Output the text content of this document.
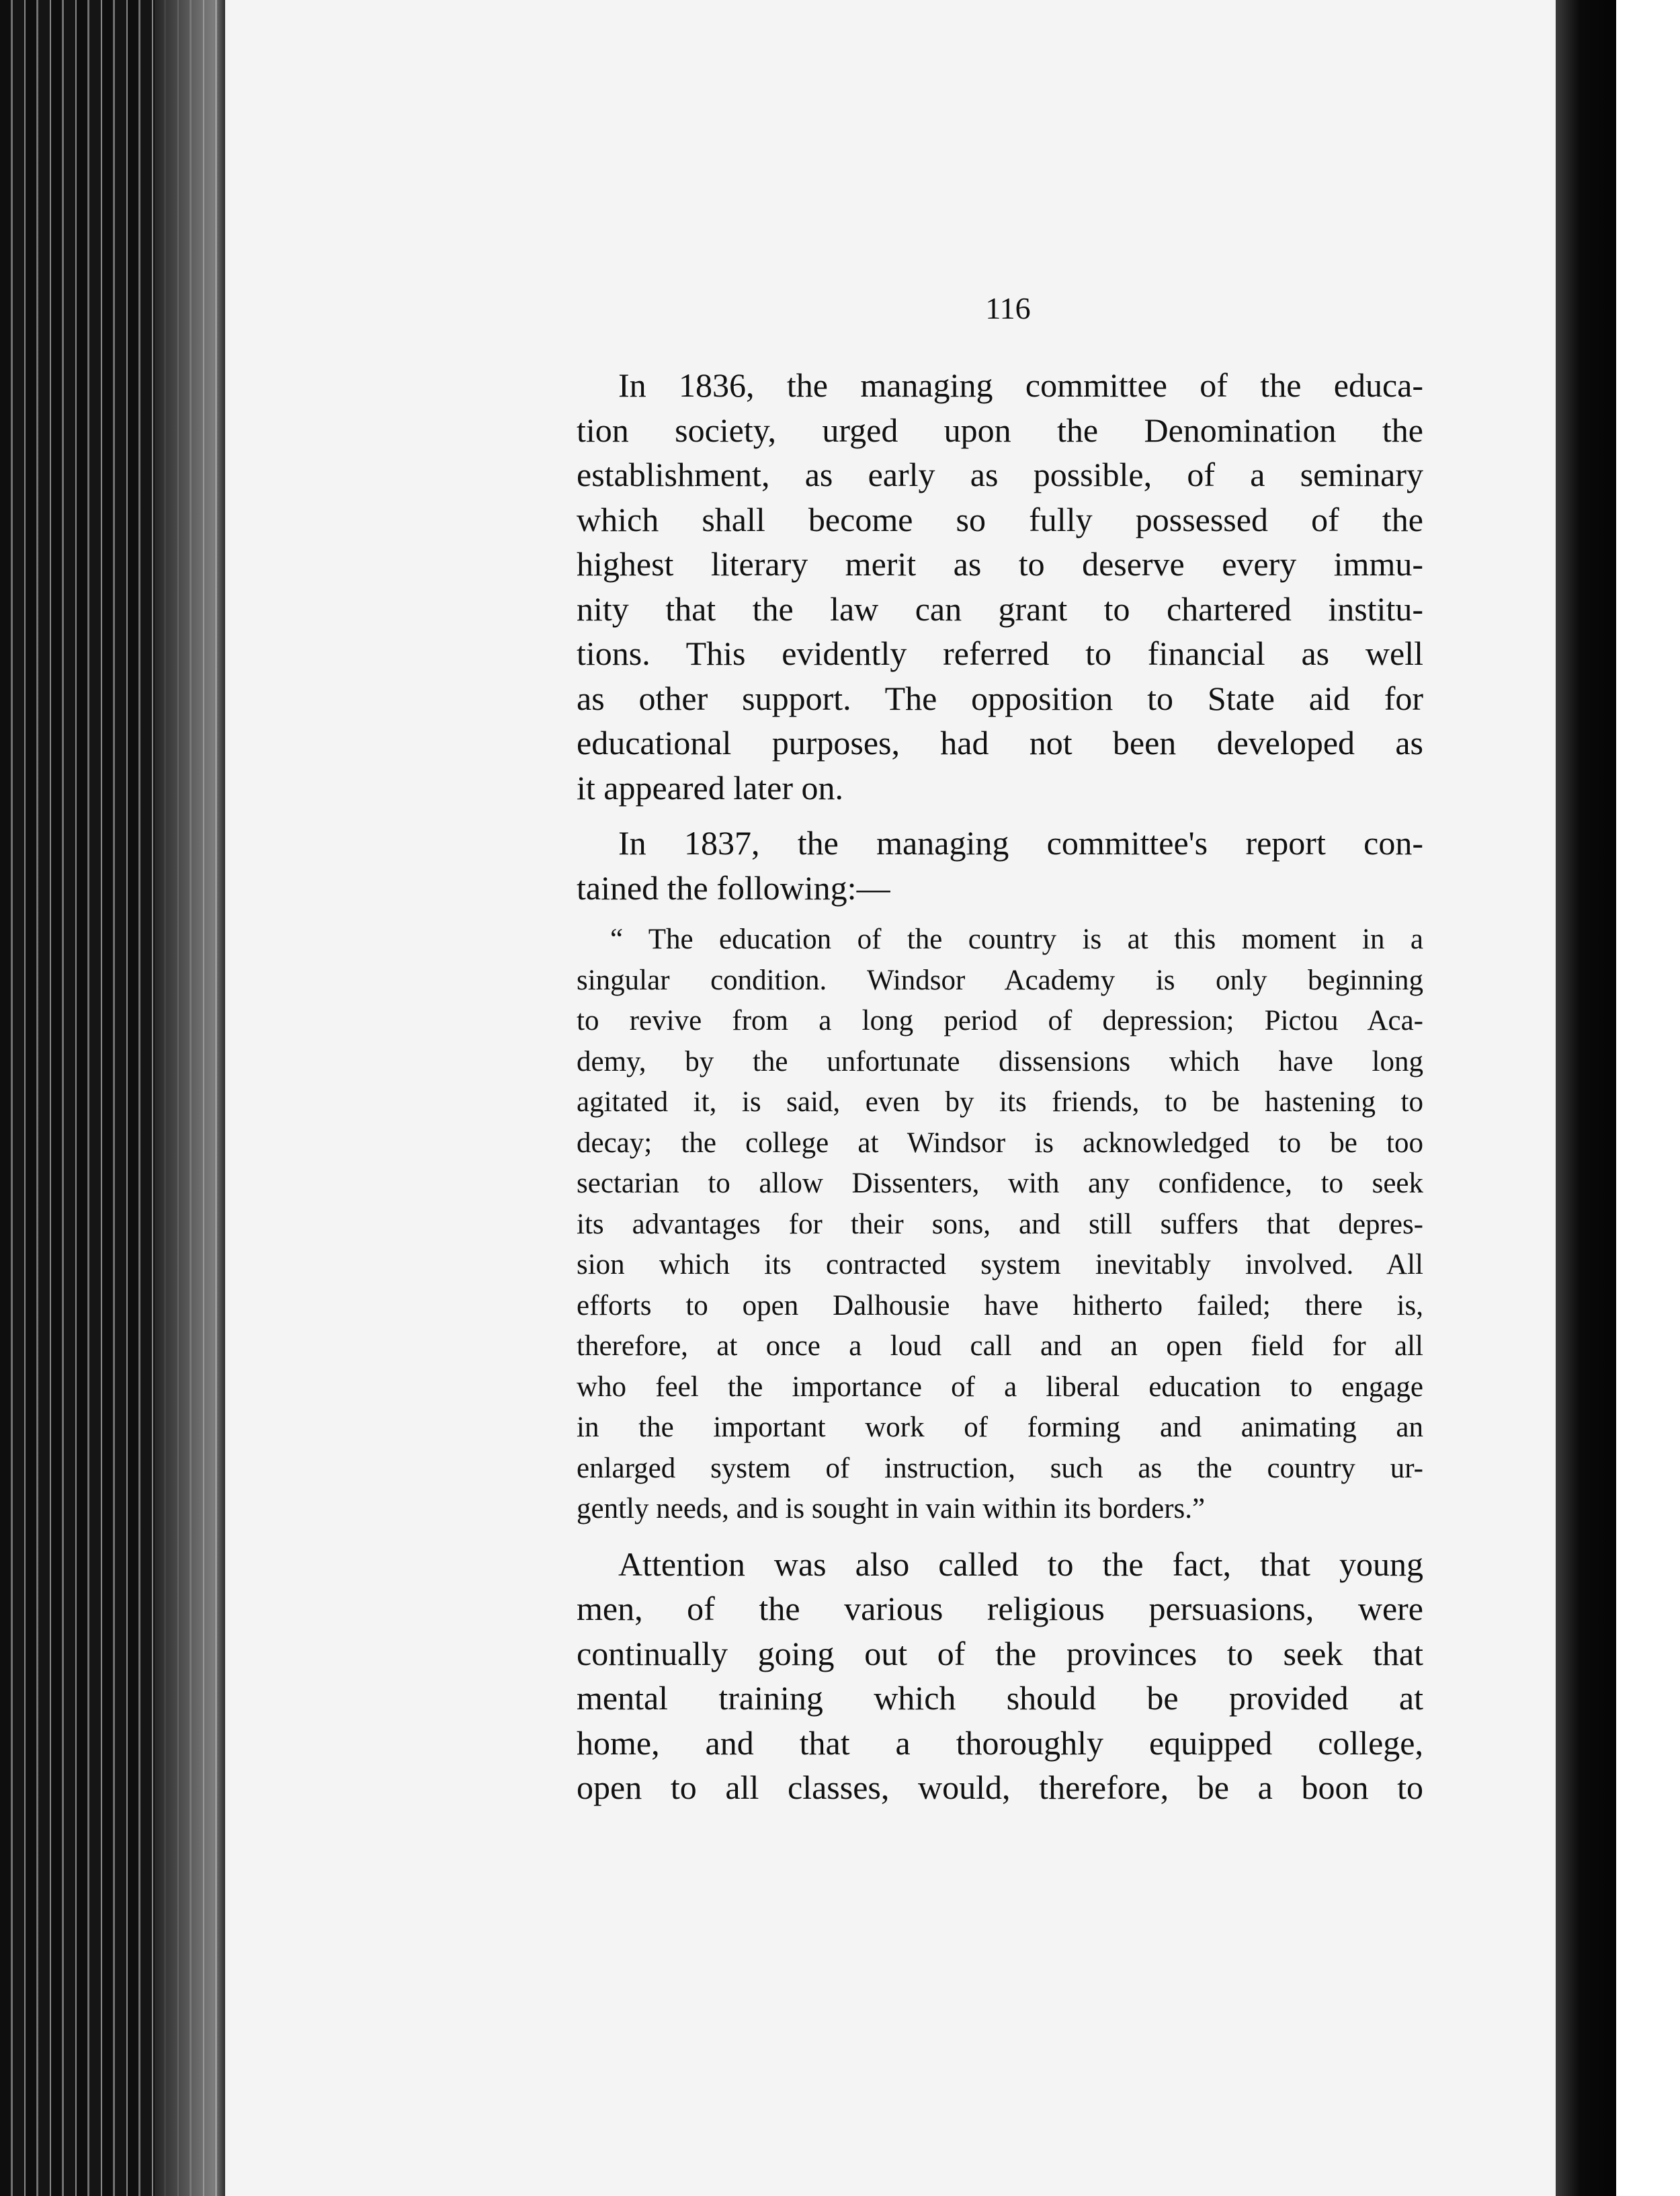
116

In 1836, the managing committee of the educa-
tion society, urged upon the Denomination the
establishment, as early as possible, of a seminary
which shall become so fully possessed of the
highest literary merit as to deserve every immu-
nity that the law can grant to chartered institu-
tions. This evidently referred to financial as well
as other support. The opposition to State aid for
educational purposes, had not been developed as
it appeared later on.

In 1837, the managing committee's report con-
tained the following:—

“ The education of the country is at this moment in a
singular condition. Windsor Academy is only beginning
to revive from a long period of depression; Pictou Aca-
demy, by the unfortunate dissensions which have long
agitated it, is said, even by its friends, to be hastening to
decay; the college at Windsor is acknowledged to be too
sectarian to allow Dissenters, with any confidence, to seek
its advantages for their sons, and still suffers that depres-
sion which its contracted system inevitably involved. All
efforts to open Dalhousie have hitherto failed; there is,
therefore, at once a loud call and an open field for all
who feel the importance of a liberal education to engage
in the important work of forming and animating an
enlarged system of instruction, such as the country ur-
gently needs, and is sought in vain within its borders.”

Attention was also called to the fact, that young
men, of the various religious persuasions, were
continually going out of the provinces to seek that
mental training which should be provided at
home, and that a thoroughly equipped college,
open to all classes, would, therefore, be a boon to
